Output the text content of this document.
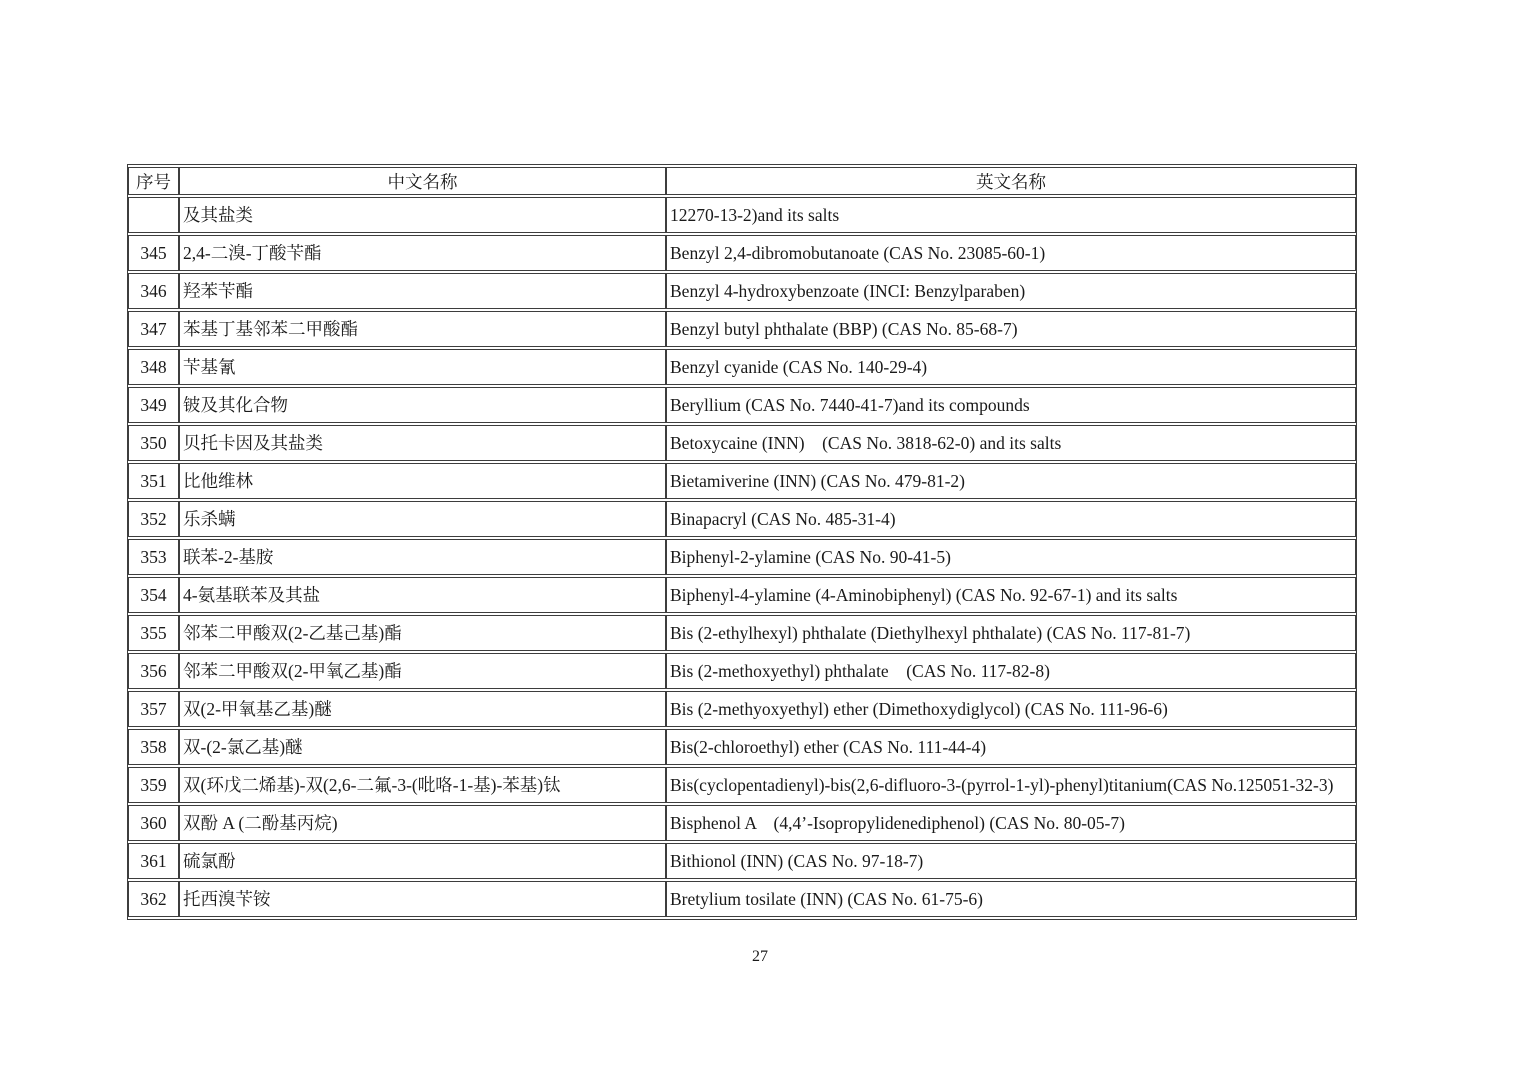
序号	中文名称	英文名称
	及其盐类	12270-13-2)and its salts
345	2,4-二溴-丁酸苄酯	Benzyl 2,4-dibromobutanoate (CAS No. 23085-60-1)
346	羟苯苄酯	Benzyl 4-hydroxybenzoate (INCI: Benzylparaben)
347	苯基丁基邻苯二甲酸酯	Benzyl butyl phthalate (BBP) (CAS No. 85-68-7)
348	苄基氰	Benzyl cyanide (CAS No. 140-29-4)
349	铍及其化合物	Beryllium (CAS No. 7440-41-7)and its compounds
350	贝托卡因及其盐类	Betoxycaine (INN)    (CAS No. 3818-62-0) and its salts
351	比他维林	Bietamiverine (INN) (CAS No. 479-81-2)
352	乐杀螨	Binapacryl (CAS No. 485-31-4)
353	联苯-2-基胺	Biphenyl-2-ylamine (CAS No. 90-41-5)
354	4-氨基联苯及其盐	Biphenyl-4-ylamine (4-Aminobiphenyl) (CAS No. 92-67-1) and its salts
355	邻苯二甲酸双(2-乙基己基)酯	Bis (2-ethylhexyl) phthalate (Diethylhexyl phthalate) (CAS No. 117-81-7)
356	邻苯二甲酸双(2-甲氧乙基)酯	Bis (2-methoxyethyl) phthalate    (CAS No. 117-82-8)
357	双(2-甲氧基乙基)醚	Bis (2-methyoxyethyl) ether (Dimethoxydiglycol) (CAS No. 111-96-6)
358	双-(2-氯乙基)醚	Bis(2-chloroethyl) ether (CAS No. 111-44-4)
359	双(环戊二烯基)-双(2,6-二氟-3-(吡咯-1-基)-苯基)钛	Bis(cyclopentadienyl)-bis(2,6-difluoro-3-(pyrrol-1-yl)-phenyl)titanium(CAS No.125051-32-3)
360	双酚 A (二酚基丙烷)	Bisphenol A    (4,4’-Isopropylidenediphenol) (CAS No. 80-05-7)
361	硫氯酚	Bithionol (INN) (CAS No. 97-18-7)
362	托西溴苄铵	Bretylium tosilate (INN) (CAS No. 61-75-6)
27
